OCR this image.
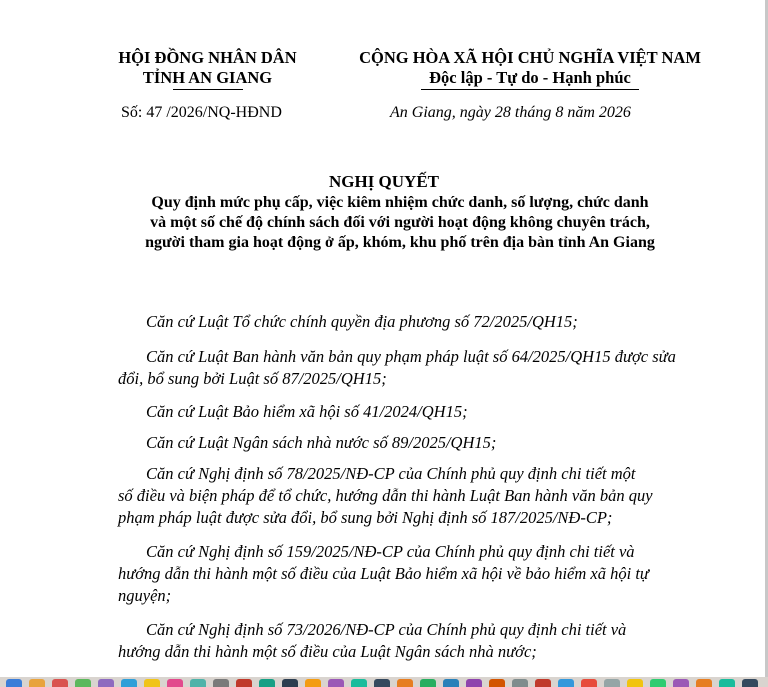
HỘI ĐỒNG NHÂN DÂN
TỈNH AN GIANG
Số: 47 /2026/NQ-HĐND
CỘNG HÒA XÃ HỘI CHỦ NGHĨA VIỆT NAM
Độc lập - Tự do - Hạnh phúc
An Giang, ngày 28 tháng 8 năm 2026
NGHỊ QUYẾT
Quy định mức phụ cấp, việc kiêm nhiệm chức danh, số lượng, chức danh
và một số chế độ chính sách đối với người hoạt động không chuyên trách,
người tham gia hoạt động ở ấp, khóm, khu phố trên địa bàn tỉnh An Giang
Căn cứ Luật Tổ chức chính quyền địa phương số 72/2025/QH15;
Căn cứ Luật Ban hành văn bản quy phạm pháp luật số 64/2025/QH15 được sửa
đổi, bổ sung bởi Luật số 87/2025/QH15;
Căn cứ Luật Bảo hiểm xã hội số 41/2024/QH15;
Căn cứ Luật Ngân sách nhà nước số 89/2025/QH15;
Căn cứ Nghị định số 78/2025/NĐ-CP của Chính phủ quy định chi tiết một
số điều và biện pháp để tổ chức, hướng dẫn thi hành Luật Ban hành văn bản quy
phạm pháp luật được sửa đổi, bổ sung bởi Nghị định số 187/2025/NĐ-CP;
Căn cứ Nghị định số 159/2025/NĐ-CP của Chính phủ quy định chi tiết và
hướng dẫn thi hành một số điều của Luật Bảo hiểm xã hội về bảo hiểm xã hội tự
nguyện;
Căn cứ Nghị định số 73/2026/NĐ-CP của Chính phủ quy định chi tiết và
hướng dẫn thi hành một số điều của Luật Ngân sách nhà nước;
